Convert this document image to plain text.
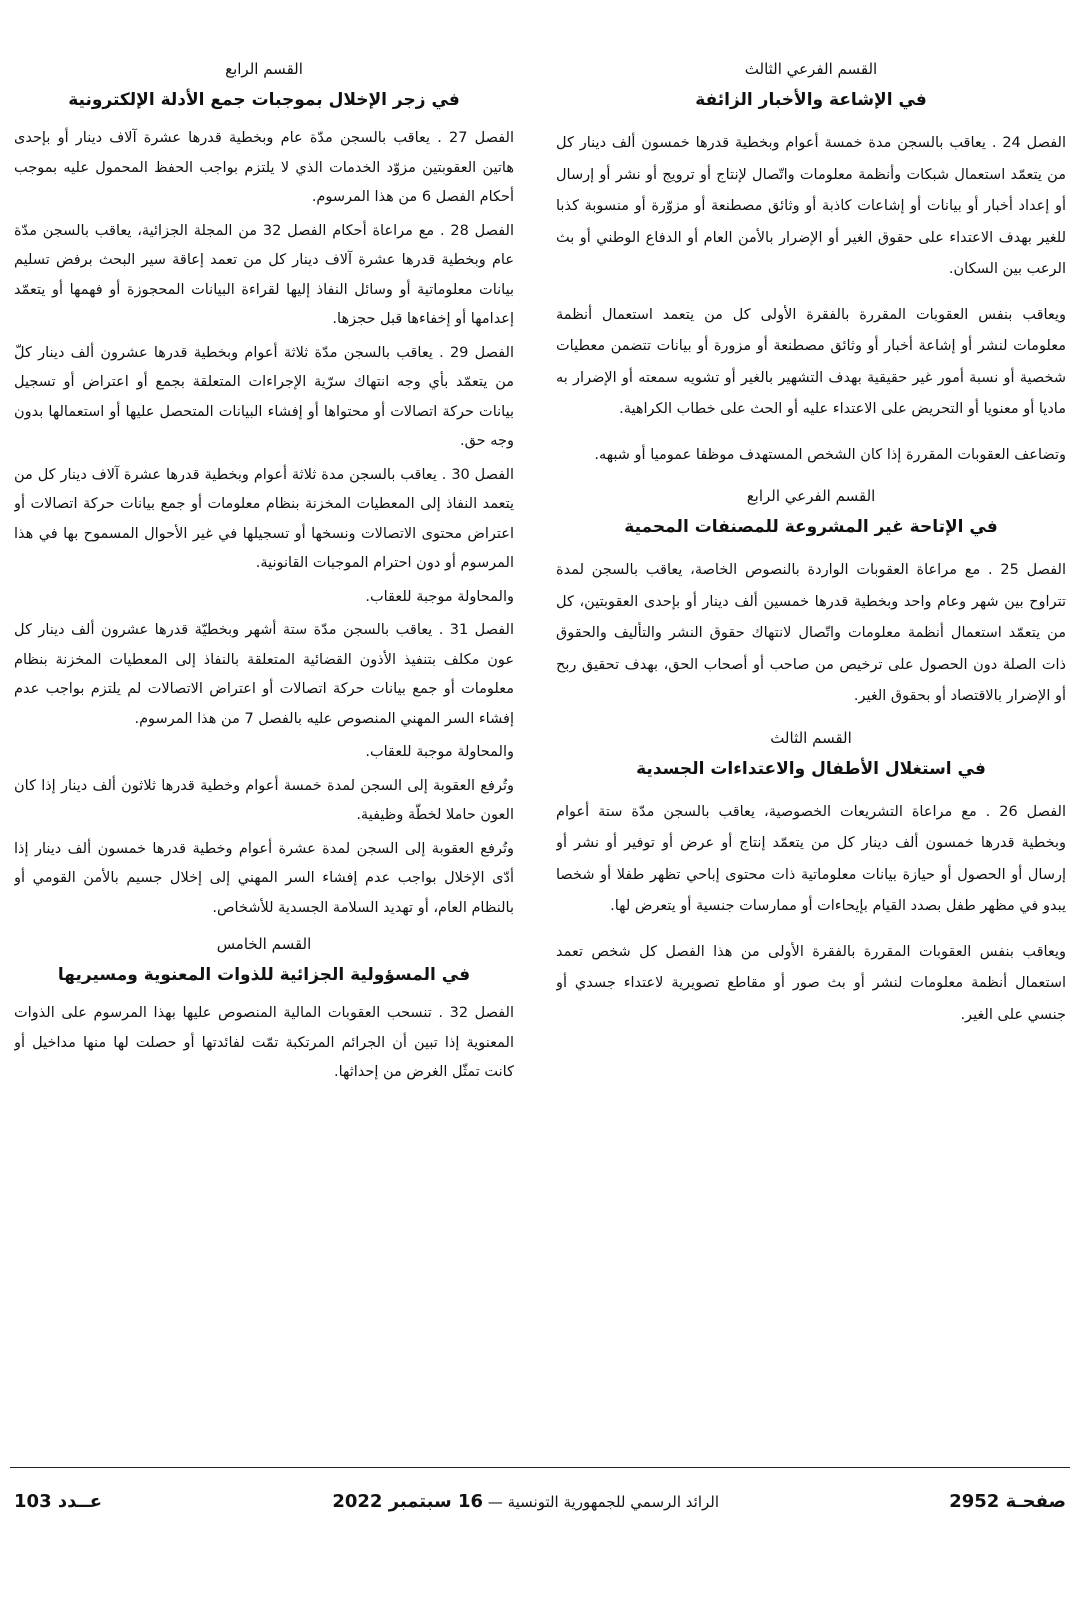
القسم الفرعي الثالث
في الإشاعة والأخبار الزائفة

الفصل 24 . يعاقب بالسجن مدة خمسة أعوام وبخطية قدرها خمسون ألف دينار كل من يتعمّد استعمال شبكات وأنظمة معلومات واتّصال لإنتاج أو ترويج أو نشر أو إرسال أو إعداد أخبار أو بيانات أو إشاعات كاذبة أو وثائق مصطنعة أو مزوّرة أو منسوبة كذبا للغير بهدف الاعتداء على حقوق الغير أو الإضرار بالأمن العام أو الدفاع الوطني أو بث الرعب بين السكان.

ويعاقب بنفس العقوبات المقررة بالفقرة الأولى كل من يتعمد استعمال أنظمة معلومات لنشر أو إشاعة أخبار أو وثائق مصطنعة أو مزورة أو بيانات تتضمن معطيات شخصية أو نسبة أمور غير حقيقية بهدف التشهير بالغير أو تشويه سمعته أو الإضرار به ماديا أو معنويا أو التحريض على الاعتداء عليه أو الحث على خطاب الكراهية.

وتضاعف العقوبات المقررة إذا كان الشخص المستهدف موظفا عموميا أو شبهه.

القسم الفرعي الرابع
في الإتاحة غير المشروعة للمصنفات المحمية

الفصل 25 . مع مراعاة العقوبات الواردة بالنصوص الخاصة، يعاقب بالسجن لمدة تتراوح بين شهر وعام واحد وبخطية قدرها خمسين ألف دينار أو بإحدى العقوبتين، كل من يتعمّد استعمال أنظمة معلومات واتّصال لانتهاك حقوق النشر والتأليف والحقوق ذات الصلة دون الحصول على ترخيص من صاحب أو أصحاب الحق، بهدف تحقيق ربح أو الإضرار بالاقتصاد أو بحقوق الغير.

القسم الثالث
في استغلال الأطفال والاعتداءات الجسدية

الفصل 26 . مع مراعاة التشريعات الخصوصية، يعاقب بالسجن مدّة ستة أعوام وبخطية قدرها خمسون ألف دينار كل من يتعمّد إنتاج أو عرض أو توفير أو نشر أو إرسال أو الحصول أو حيازة بيانات معلوماتية ذات محتوى إباحي تظهر طفلا أو شخصا يبدو في مظهر طفل بصدد القيام بإيحاءات أو ممارسات جنسية أو يتعرض لها.

ويعاقب بنفس العقوبات المقررة بالفقرة الأولى من هذا الفصل كل شخص تعمد استعمال أنظمة معلومات لنشر أو بث صور أو مقاطع تصويرية لاعتداء جسدي أو جنسي على الغير.

القسم الرابع
في زجر الإخلال بموجبات جمع الأدلة الإلكترونية

الفصل 27 . يعاقب بالسجن مدّة عام وبخطية قدرها عشرة آلاف دينار أو بإحدى هاتين العقوبتين مزوّد الخدمات الذي لا يلتزم بواجب الحفظ المحمول عليه بموجب أحكام الفصل 6 من هذا المرسوم.

الفصل 28 . مع مراعاة أحكام الفصل 32 من المجلة الجزائية، يعاقب بالسجن مدّة عام وبخطية قدرها عشرة آلاف دينار كل من تعمد إعاقة سير البحث برفض تسليم بيانات معلوماتية أو وسائل النفاذ إليها لقراءة البيانات المحجوزة أو فهمها أو يتعمّد إعدامها أو إخفاءها قبل حجزها.

الفصل 29 . يعاقب بالسجن مدّة ثلاثة أعوام وبخطية قدرها عشرون ألف دينار كلّ من يتعمّد بأي وجه انتهاك سرّية الإجراءات المتعلقة بجمع أو اعتراض أو تسجيل بيانات حركة اتصالات أو محتواها أو إفشاء البيانات المتحصل عليها أو استعمالها بدون وجه حق.

الفصل 30 . يعاقب بالسجن مدة ثلاثة أعوام وبخطية قدرها عشرة آلاف دينار كل من يتعمد النفاذ إلى المعطيات المخزنة بنظام معلومات أو جمع بيانات حركة اتصالات أو اعتراض محتوى الاتصالات ونسخها أو تسجيلها في غير الأحوال المسموح بها في هذا المرسوم أو دون احترام الموجبات القانونية.

والمحاولة موجبة للعقاب.

الفصل 31 . يعاقب بالسجن مدّة ستة أشهر وبخطيّة قدرها عشرون ألف دينار كل عون مكلف بتنفيذ الأذون القضائية المتعلقة بالنفاذ إلى المعطيات المخزنة بنظام معلومات أو جمع بيانات حركة اتصالات أو اعتراض الاتصالات لم يلتزم بواجب عدم إفشاء السر المهني المنصوص عليه بالفصل 7 من هذا المرسوم.

والمحاولة موجبة للعقاب.

وتُرفع العقوبة إلى السجن لمدة خمسة أعوام وخطية قدرها ثلاثون ألف دينار إذا كان العون حاملا لخطّة وظيفية.

وتُرفع العقوبة إلى السجن لمدة عشرة أعوام وخطية قدرها خمسون ألف دينار إذا أدّى الإخلال بواجب عدم إفشاء السر المهني إلى إخلال جسيم بالأمن القومي أو بالنظام العام، أو تهديد السلامة الجسدية للأشخاص.

القسم الخامس
في المسؤولية الجزائية للذوات المعنوية ومسيريها

الفصل 32 . تنسحب العقوبات المالية المنصوص عليها بهذا المرسوم على الذوات المعنوية إذا تبين أن الجرائم المرتكبة تمّت لفائدتها أو حصلت لها منها مداخيل أو كانت تمثّل الغرض من إحداثها.

صفحـة 2952
الرائد الرسمي للجمهورية التونسية — 16 سبتمبر 2022
عــدد 103
